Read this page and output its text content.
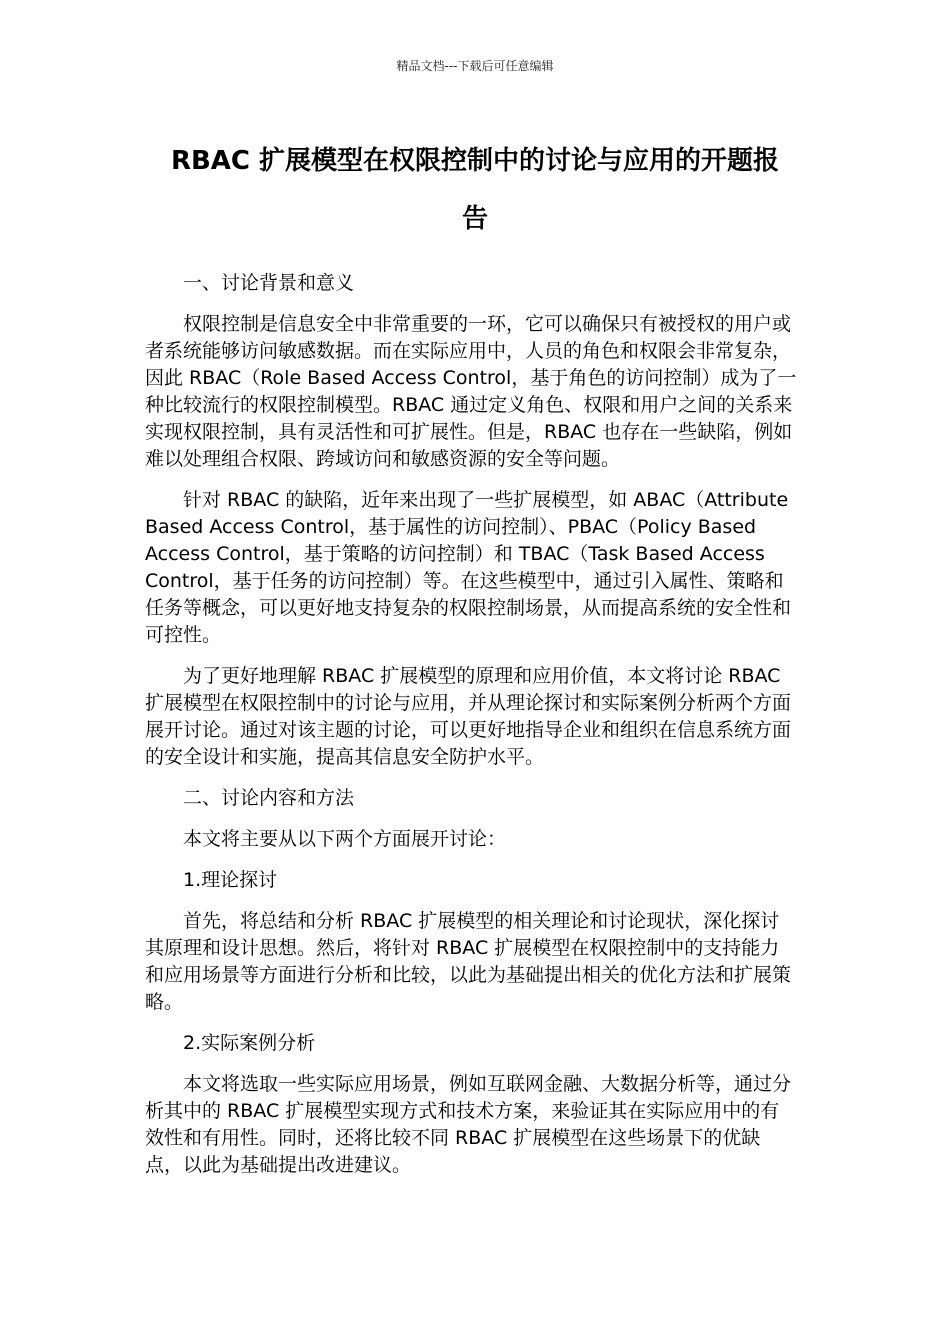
精品文档---下载后可任意编辑
RBAC 扩展模型在权限控制中的讨论与应用的开题报
告

一、讨论背景和意义

权限控制是信息安全中非常重要的一环，它可以确保只有被授权的用户或者系统能够访问敏感数据。而在实际应用中，人员的角色和权限会非常复杂，因此 RBAC（Role Based Access Control，基于角色的访问控制）成为了一种比较流行的权限控制模型。RBAC 通过定义角色、权限和用户之间的关系来实现权限控制，具有灵活性和可扩展性。但是，RBAC 也存在一些缺陷，例如难以处理组合权限、跨域访问和敏感资源的安全等问题。

针对 RBAC 的缺陷，近年来出现了一些扩展模型，如 ABAC（Attribute Based Access Control，基于属性的访问控制）、PBAC（Policy Based Access Control，基于策略的访问控制）和 TBAC（Task Based Access Control，基于任务的访问控制）等。在这些模型中，通过引入属性、策略和任务等概念，可以更好地支持复杂的权限控制场景，从而提高系统的安全性和可控性。

为了更好地理解 RBAC 扩展模型的原理和应用价值，本文将讨论 RBAC 扩展模型在权限控制中的讨论与应用，并从理论探讨和实际案例分析两个方面展开讨论。通过对该主题的讨论，可以更好地指导企业和组织在信息系统方面的安全设计和实施，提高其信息安全防护水平。

二、讨论内容和方法

本文将主要从以下两个方面展开讨论：

1.理论探讨

首先，将总结和分析 RBAC 扩展模型的相关理论和讨论现状，深化探讨其原理和设计思想。然后，将针对 RBAC 扩展模型在权限控制中的支持能力和应用场景等方面进行分析和比较，以此为基础提出相关的优化方法和扩展策略。

2.实际案例分析

本文将选取一些实际应用场景，例如互联网金融、大数据分析等，通过分析其中的 RBAC 扩展模型实现方式和技术方案，来验证其在实际应用中的有效性和有用性。同时，还将比较不同 RBAC 扩展模型在这些场景下的优缺点，以此为基础提出改进建议。
